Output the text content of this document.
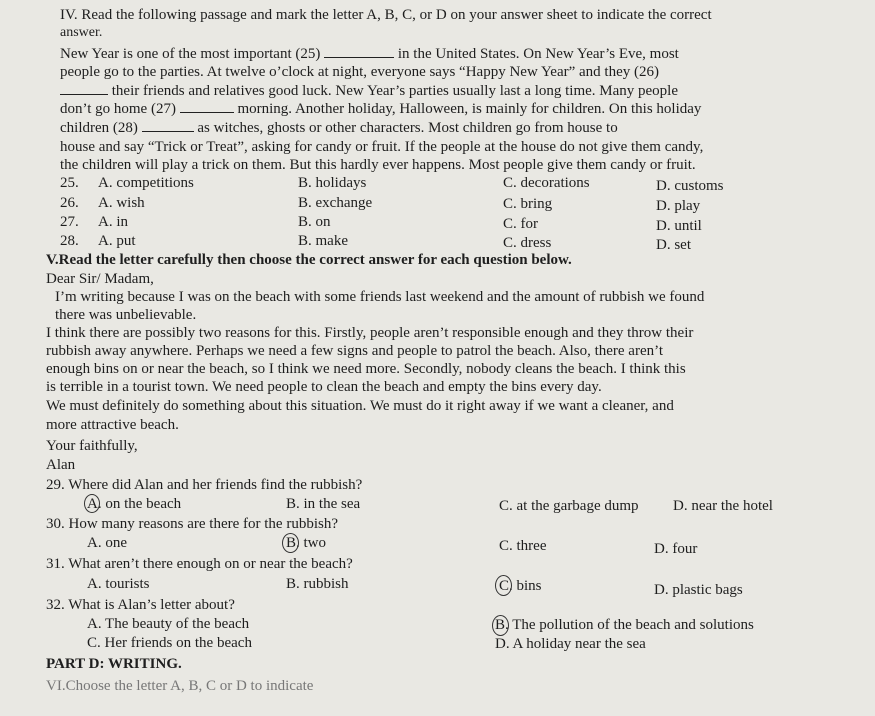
IV. Read the following passage and mark the letter A, B, C, or D on your answer sheet to indicate the correct
answer.
New Year is one of the most important (25)	in the United States. On New Year’s Eve, most
people go to the parties. At twelve o’clock at night, everyone says “Happy New Year” and they (26)
their friends and relatives good luck. New Year’s parties usually last a long time. Many people
don’t go home (27)	morning. Another holiday, Halloween, is mainly for children. On this holiday
children (28)	as witches, ghosts or other characters. Most children go from house to
house and say “Trick or Treat”, asking for candy or fruit. If the people at the house do not give them candy,
the children will play a trick on them. But this hardly ever happens. Most people give them candy or fruit.
25. A. competitions	B. holidays	C. decorations	D. customs
26. A. wish	B. exchange	C. bring	D. play
27. A. in	B. on	C. for	D. until
28. A. put	B. make	C. dress	D. set
V.Read the letter carefully then choose the correct answer for each question below.
Dear Sir/ Madam,
I’m writing because I was on the beach with some friends last weekend and the amount of rubbish we found
there was unbelievable.
I think there are possibly two reasons for this. Firstly, people aren’t responsible enough and they throw their
rubbish away anywhere. Perhaps we need a few signs and people to patrol the beach. Also, there aren’t
enough bins on or near the beach, so I think we need more. Secondly, nobody cleans the beach. I think this
is terrible in a tourist town. We need people to clean the beach and empty the bins every day.
We must definitely do something about this situation. We must do it right away if we want a cleaner, and
more attractive beach.
Your faithfully,
Alan
29. Where did Alan and her friends find the rubbish?
A. on the beach	B. in the sea	C. at the garbage dump D. near the hotel
30. How many reasons are there for the rubbish?
A. one	B. two	C. three	D. four
31. What aren’t there enough on or near the beach?
A. tourists	B. rubbish	C. bins	D. plastic bags
32. What is Alan’s letter about?
A. The beauty of the beach	B. The pollution of the beach and solutions
C. Her friends on the beach	D. A holiday near the sea
PART D: WRITING.
VI.Choose the letter A, B, C or D to indicate
